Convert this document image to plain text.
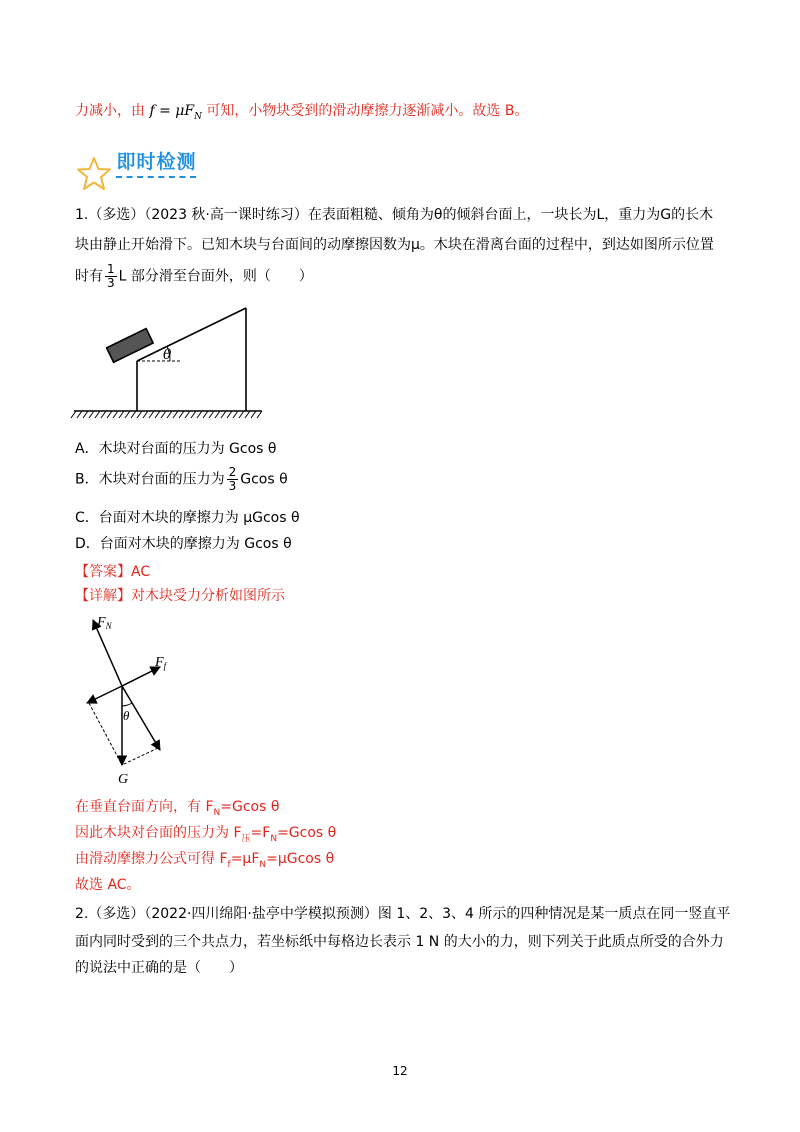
力减小，由 $f = \mu F_N$ 可知，小物块受到的滑动摩擦力逐渐减小。故选 B。
即时检测
1.（多选）（2023 秋·高一课时练习）在表面粗糙、倾角为θ的倾斜台面上，一块长为L，重力为G的长木
块由静止开始滑下。已知木块与台面间的动摩擦因数为μ。木块在滑离台面的过程中，到达如图所示位置
时有 $\frac{1}{3}$ L 部分滑至台面外，则（　　）
θ
A．木块对台面的压力为 Gcos θ
B．木块对台面的压力为 $\frac{2}{3}$ Gcos θ
C．台面对木块的摩擦力为 μGcos θ
D．台面对木块的摩擦力为 Gcos θ
【答案】AC
【详解】对木块受力分析如图所示
$F_N$
$F_f$
θ
G
在垂直台面方向，有 $F_N=Gcos$ θ
因此木块对台面的压力为 $F_压=F_N=Gcos$ θ
由滑动摩擦力公式可得 $F_f=\mu F_N=\mu Gcos$ θ
故选 AC。
2.（多选）（2022·四川绵阳·盐亭中学模拟预测）图 1、2、3、4 所示的四种情况是某一质点在同一竖直平
面内同时受到的三个共点力，若坐标纸中每格边长表示 1 N 的大小的力，则下列关于此质点所受的合外力
的说法中正确的是（　　）
12
